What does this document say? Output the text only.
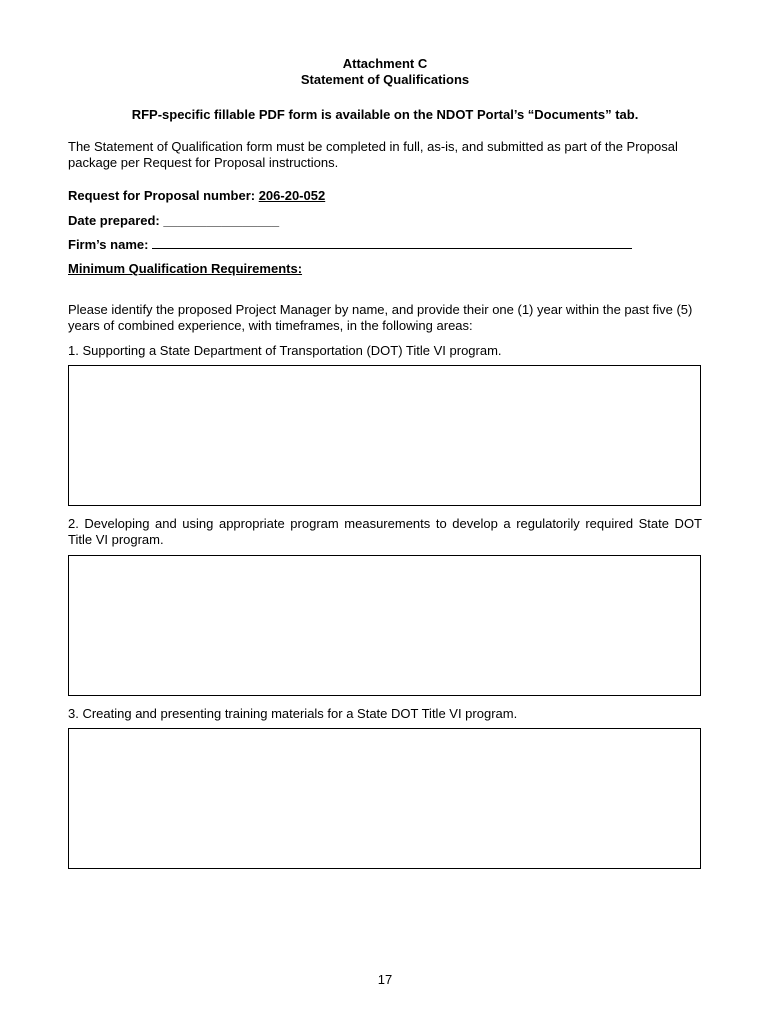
Attachment C
Statement of Qualifications
RFP-specific fillable PDF form is available on the NDOT Portal’s “Documents” tab.
The Statement of Qualification form must be completed in full, as-is, and submitted as part of the Proposal package per Request for Proposal instructions.
Request for Proposal number: 206-20-052
Date prepared: ________________
Firm’s name:
Minimum Qualification Requirements:
Please identify the proposed Project Manager by name, and provide their one (1) year within the past five (5) years of combined experience, with timeframes, in the following areas:
1. Supporting a State Department of Transportation (DOT) Title VI program.
2. Developing and using appropriate program measurements to develop a regulatorily required State DOT Title VI program.
3. Creating and presenting training materials for a State DOT Title VI program.
17
